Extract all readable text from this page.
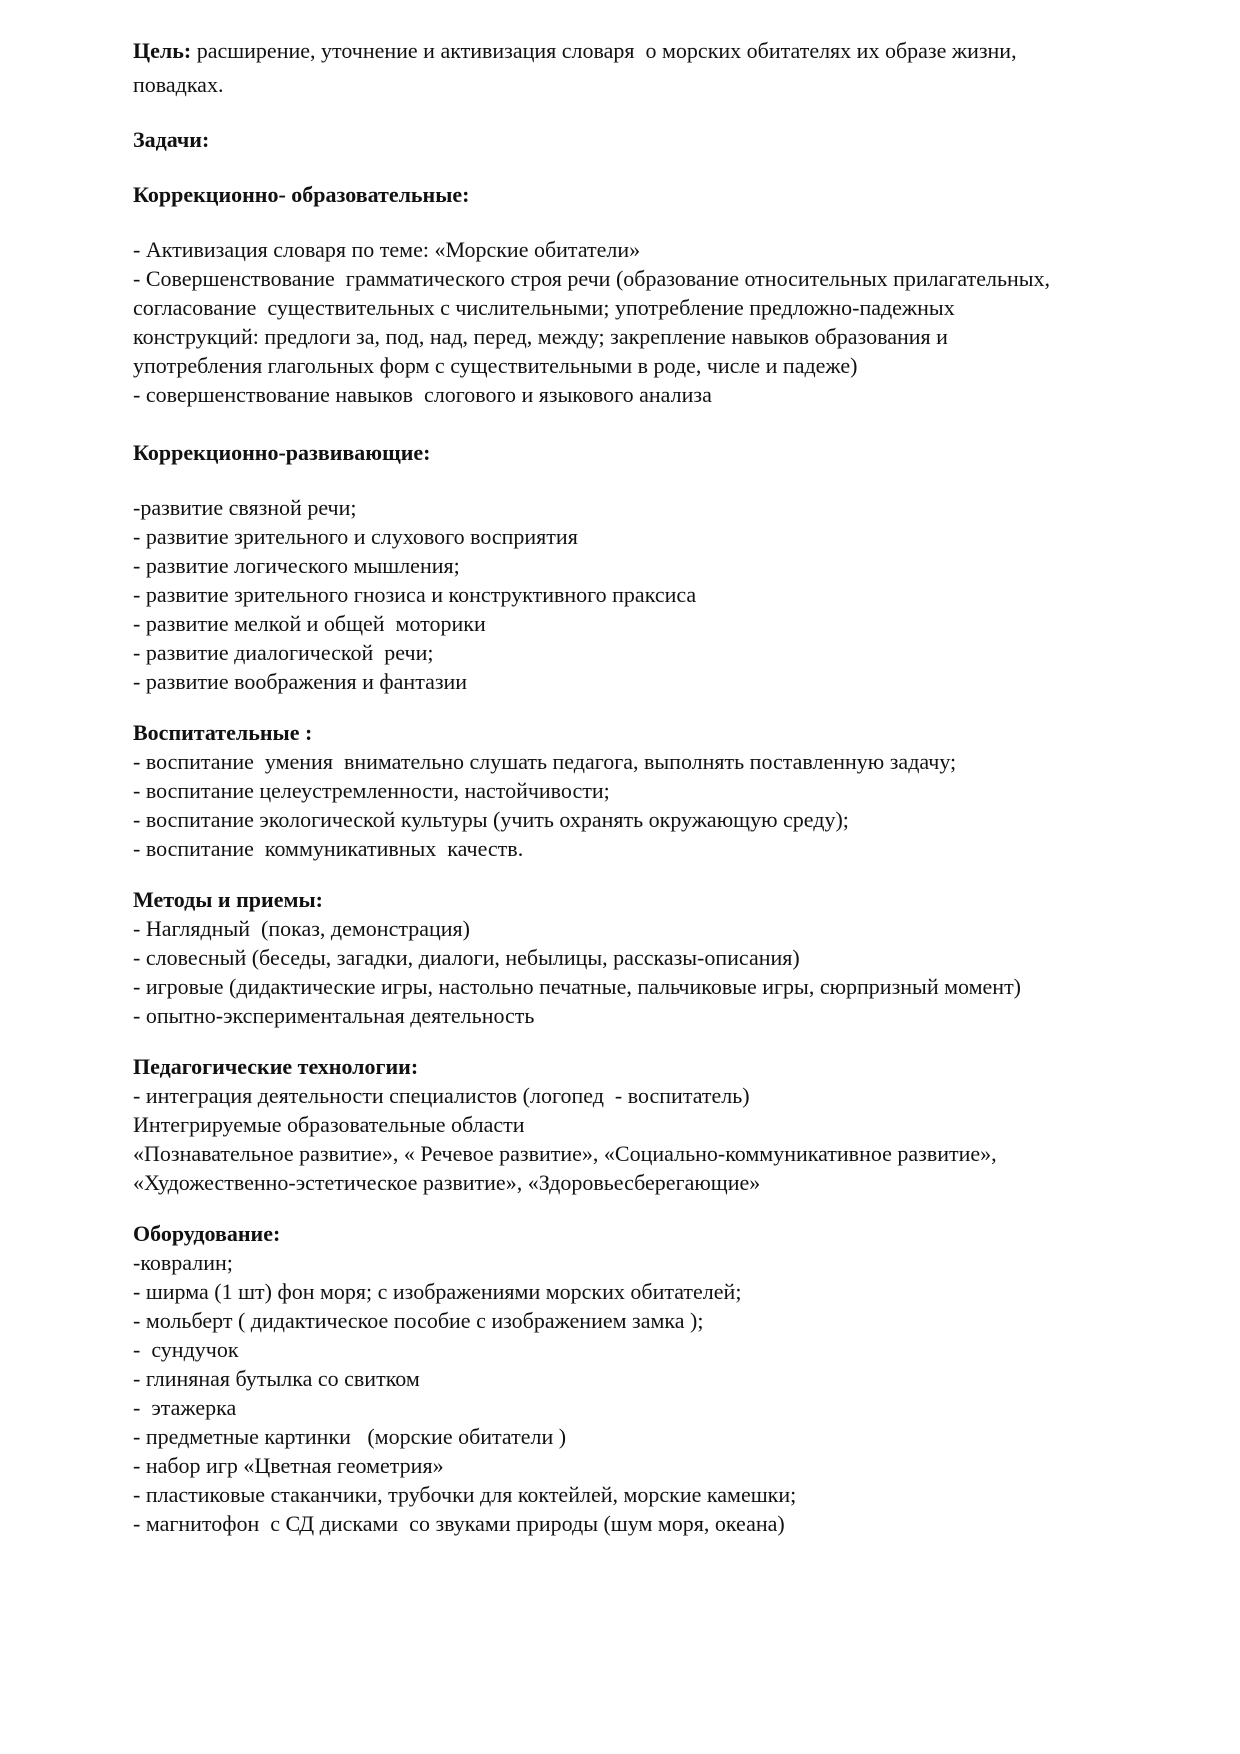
Цель: расширение, уточнение и активизация словаря  о морских обитателях их образе жизни,
повадках.
Задачи:
Коррекционно- образовательные:
- Активизация словаря по теме: «Морские обитатели»
- Совершенствование  грамматического строя речи (образование относительных прилагательных,
согласование  существительных с числительными; употребление предложно-падежных
конструкций: предлоги за, под, над, перед, между; закрепление навыков образования и
употребления глагольных форм с существительными в роде, числе и падеже)
- совершенствование навыков  слогового и языкового анализа
Коррекционно-развивающие:
-развитие связной речи;
- развитие зрительного и слухового восприятия
- развитие логического мышления;
- развитие зрительного гнозиса и конструктивного праксиса
- развитие мелкой и общей  моторики
- развитие диалогической  речи;
- развитие воображения и фантазии
Воспитательные :
- воспитание  умения  внимательно слушать педагога, выполнять поставленную задачу;
- воспитание целеустремленности, настойчивости;
- воспитание экологической культуры (учить охранять окружающую среду);
- воспитание  коммуникативных  качеств.
Методы и приемы:
- Наглядный  (показ, демонстрация)
- словесный (беседы, загадки, диалоги, небылицы, рассказы-описания)
- игровые (дидактические игры, настольно печатные, пальчиковые игры, сюрпризный момент)
- опытно-экспериментальная деятельность
Педагогические технологии:
- интеграция деятельности специалистов (логопед  - воспитатель)
Интегрируемые образовательные области
«Познавательное развитие», « Речевое развитие», «Социально-коммуникативное развитие»,
«Художественно-эстетическое развитие», «Здоровьесберегающие»
Оборудование:
-ковралин;
- ширма (1 шт) фон моря; с изображениями морских обитателей;
- мольберт ( дидактическое пособие с изображением замка );
-  сундучок
- глиняная бутылка со свитком
-  этажерка
- предметные картинки   (морские обитатели )
- набор игр «Цветная геометрия»
- пластиковые стаканчики, трубочки для коктейлей, морские камешки;
- магнитофон  с СД дисками  со звуками природы (шум моря, океана)
